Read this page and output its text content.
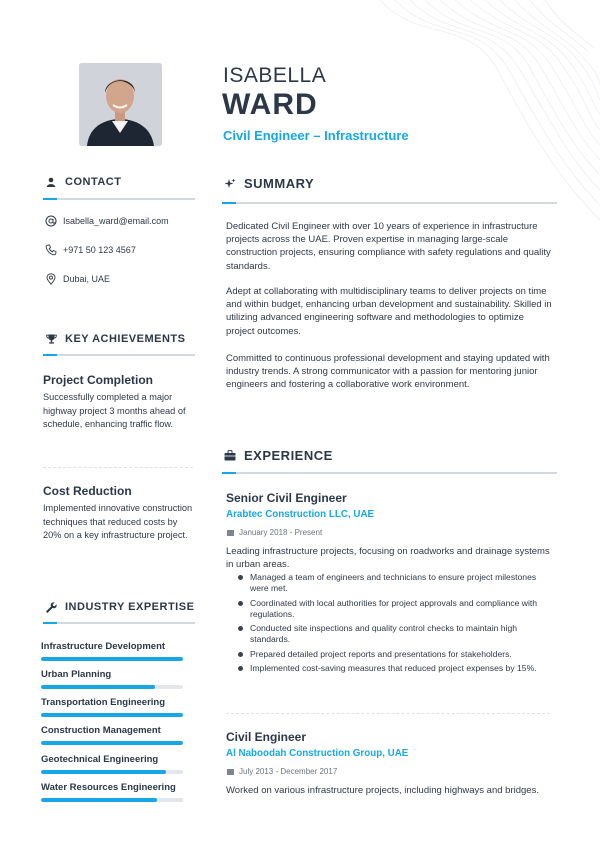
ISABELLA
WARD
Civil Engineer – Infrastructure
CONTACT
Isabella_ward@email.com
+971 50 123 4567
Dubai, UAE
KEY ACHIEVEMENTS
Project Completion
Successfully completed a major highway project 3 months ahead of schedule, enhancing traffic flow.
Cost Reduction
Implemented innovative construction techniques that reduced costs by 20% on a key infrastructure project.
INDUSTRY EXPERTISE
Infrastructure Development
Urban Planning
Transportation Engineering
Construction Management
Geotechnical Engineering
Water Resources Engineering
SUMMARY
Dedicated Civil Engineer with over 10 years of experience in infrastructure projects across the UAE. Proven expertise in managing large-scale construction projects, ensuring compliance with safety regulations and quality standards.
Adept at collaborating with multidisciplinary teams to deliver projects on time and within budget, enhancing urban development and sustainability. Skilled in utilizing advanced engineering software and methodologies to optimize project outcomes.
Committed to continuous professional development and staying updated with industry trends. A strong communicator with a passion for mentoring junior engineers and fostering a collaborative work environment.
EXPERIENCE
Senior Civil Engineer
Arabtec Construction LLC, UAE
January 2018 - Present
Leading infrastructure projects, focusing on roadworks and drainage systems in urban areas.
Managed a team of engineers and technicians to ensure project milestones were met.
Coordinated with local authorities for project approvals and compliance with regulations.
Conducted site inspections and quality control checks to maintain high standards.
Prepared detailed project reports and presentations for stakeholders.
Implemented cost-saving measures that reduced project expenses by 15%.
Civil Engineer
Al Naboodah Construction Group, UAE
July 2013 - December 2017
Worked on various infrastructure projects, including highways and bridges.
